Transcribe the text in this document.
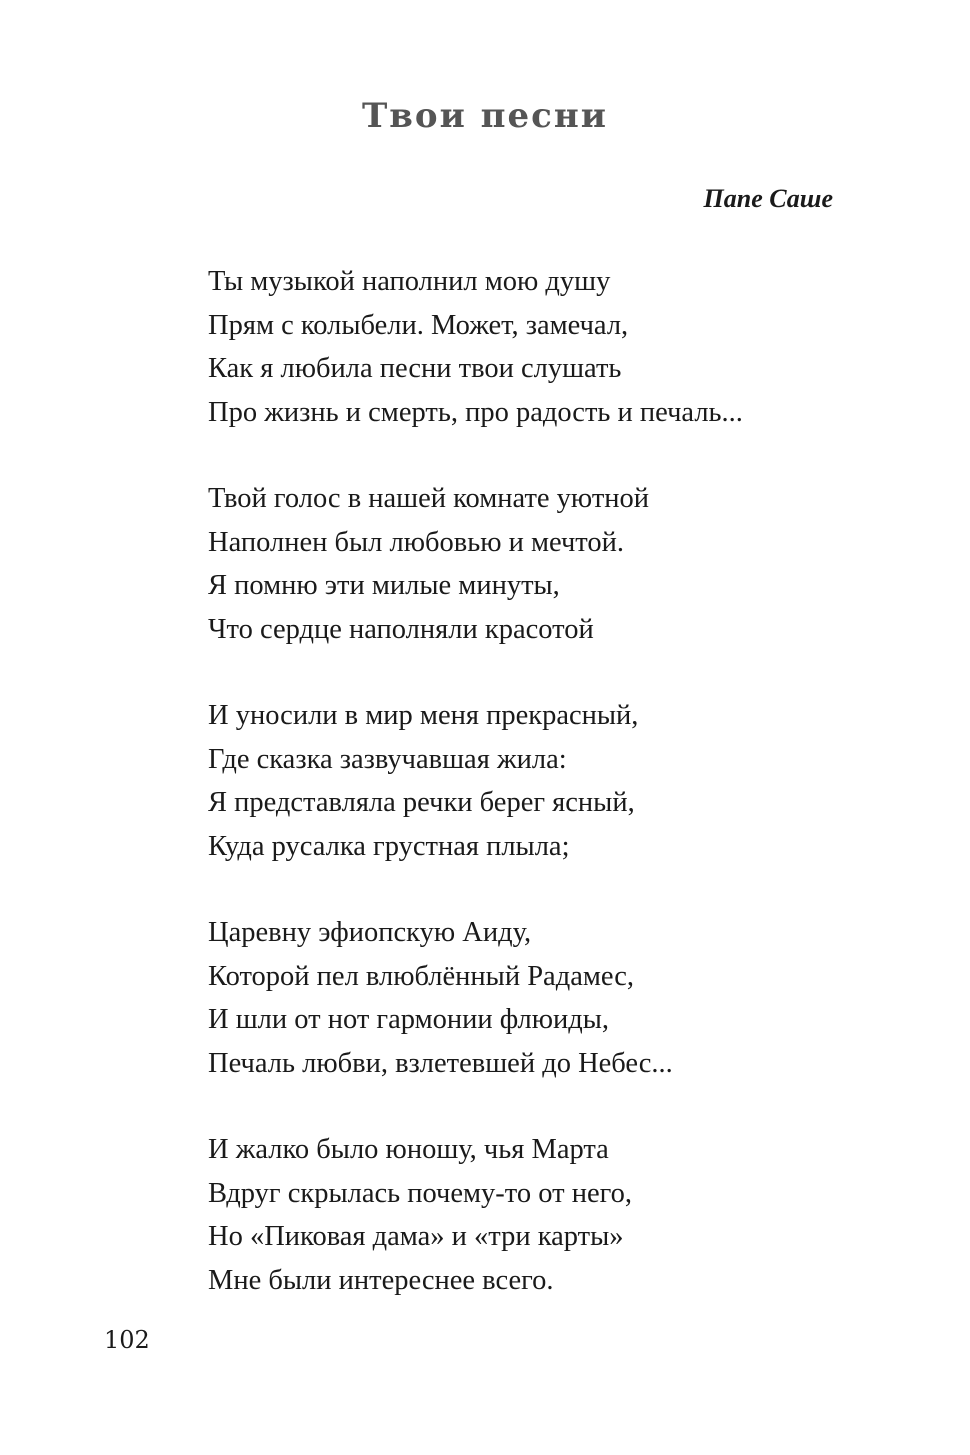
Твои песни

Папе Саше

Ты музыкой наполнил мою душу
Прям с колыбели. Может, замечал,
Как я любила песни твои слушать
Про жизнь и смерть, про радость и печаль...
Твой голос в нашей комнате уютной
Наполнен был любовью и мечтой.
Я помню эти милые минуты,
Что сердце наполняли красотой
И уносили в мир меня прекрасный,
Где сказка зазвучавшая жила:
Я представляла речки берег ясный,
Куда русалка грустная плыла;
Царевну эфиопскую Аиду,
Которой пел влюблённый Радамес,
И шли от нот гармонии флюиды,
Печаль любви, взлетевшей до Небес...
И жалко было юношу, чья Марта
Вдруг скрылась почему-то от него,
Но «Пиковая дама» и «три карты»
Мне были интереснее всего.

102
